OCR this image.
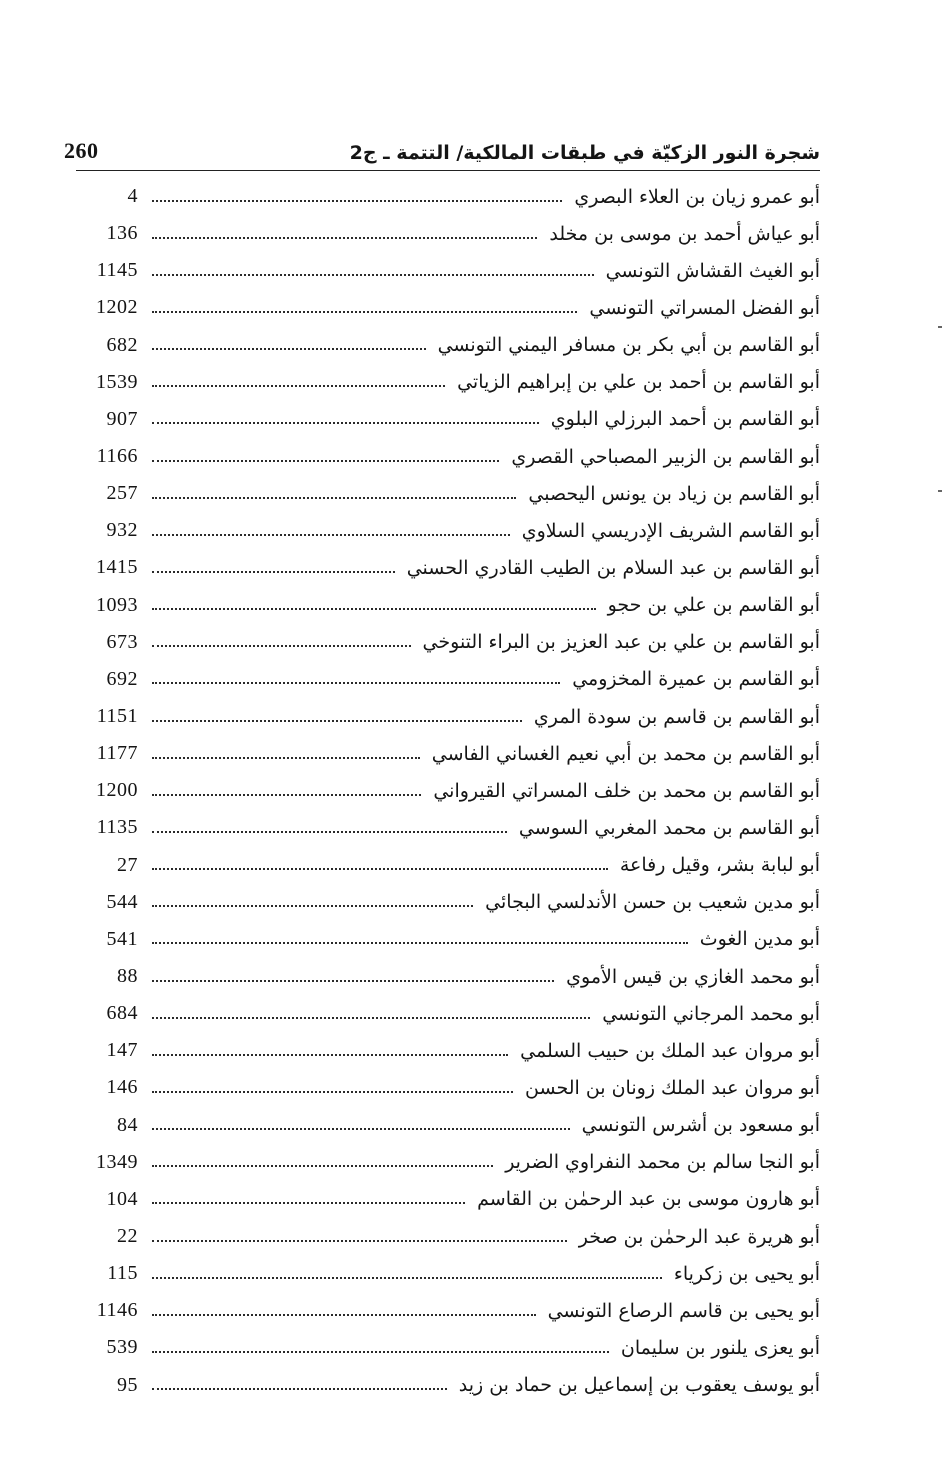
260	شجرة النور الزكيّة في طبقات المالكية/ التتمة ـ ج2
أبو عمرو زيان بن العلاء البصري
4
أبو عياش أحمد بن موسى بن مخلد
136
أبو الغيث القشاش التونسي
1145
أبو الفضل المسراتي التونسي
1202
أبو القاسم بن أبي بكر بن مسافر اليمني التونسي
682
أبو القاسم بن أحمد بن علي بن إبراهيم الزياتي
1539
أبو القاسم بن أحمد البرزلي البلوي
907
أبو القاسم بن الزبير المصباحي القصري
1166
أبو القاسم بن زياد بن يونس اليحصبي
257
أبو القاسم الشريف الإدريسي السلاوي
932
أبو القاسم بن عبد السلام بن الطيب القادري الحسني
1415
أبو القاسم بن علي بن حجو
1093
أبو القاسم بن علي بن عبد العزيز بن البراء التنوخي
673
أبو القاسم بن عميرة المخزومي
692
أبو القاسم بن قاسم بن سودة المري
1151
أبو القاسم بن محمد بن أبي نعيم الغساني الفاسي
1177
أبو القاسم بن محمد بن خلف المسراتي القيرواني
1200
أبو القاسم بن محمد المغربي السوسي
1135
أبو لبابة بشر، وقيل رفاعة
27
أبو مدين شعيب بن حسن الأندلسي البجائي
544
أبو مدين الغوث
541
أبو محمد الغازي بن قيس الأموي
88
أبو محمد المرجاني التونسي
684
أبو مروان عبد الملك بن حبيب السلمي
147
أبو مروان عبد الملك زونان بن الحسن
146
أبو مسعود بن أشرس التونسي
84
أبو النجا سالم بن محمد النفراوي الضرير
1349
أبو هارون موسى بن عبد الرحمٰن بن القاسم
104
أبو هريرة عبد الرحمٰن بن صخر
22
أبو يحيى بن زكرياء
115
أبو يحيى بن قاسم الرصاع التونسي
1146
أبو يعزى يلنور بن سليمان
539
أبو يوسف يعقوب بن إسماعيل بن حماد بن زيد
95
